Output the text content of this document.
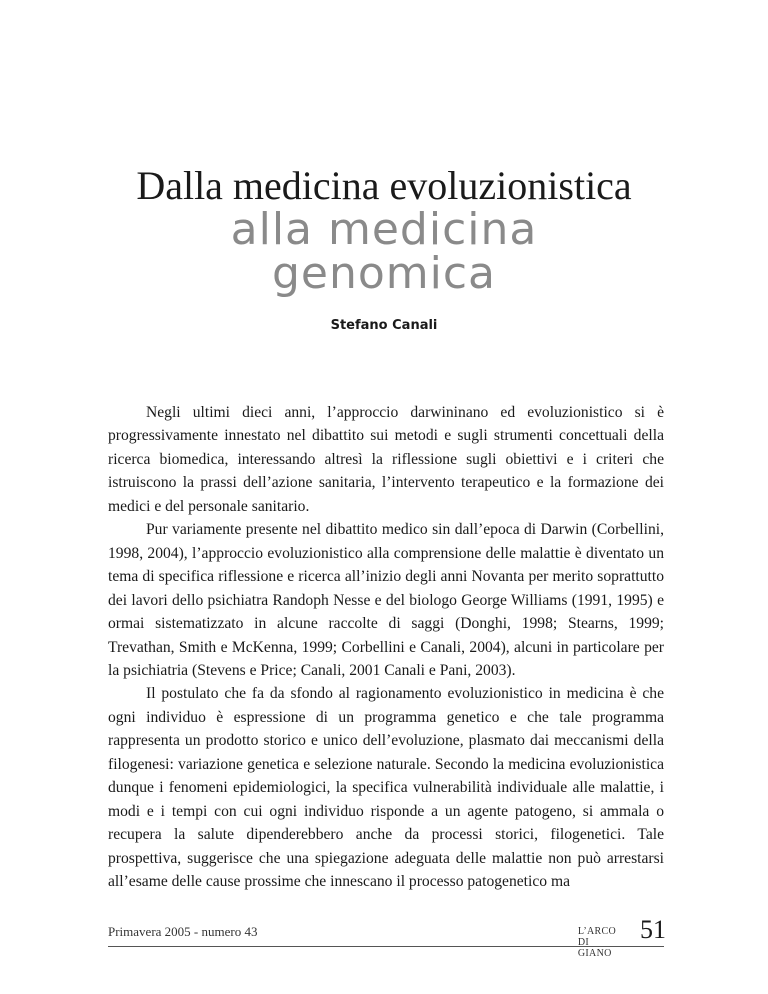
Dalla medicina evoluzionistica
alla medicina
genomica
Stefano Canali

Negli ultimi dieci anni, l’approccio darwininano ed evoluzionistico si è progressivamente innestato nel dibattito sui metodi e sugli strumenti concettuali della ricerca biomedica, interessando altresì la riflessione sugli obiettivi e i criteri che istruiscono la prassi dell’azione sanitaria, l’intervento terapeutico e la formazione dei medici e del personale sanitario.

Pur variamente presente nel dibattito medico sin dall’epoca di Darwin (Corbellini, 1998, 2004), l’approccio evoluzionistico alla comprensione delle malattie è diventato un tema di specifica riflessione e ricerca all’inizio degli anni Novanta per merito soprattutto dei lavori dello psichiatra Randoph Nesse e del biologo George Williams (1991, 1995) e ormai sistematizzato in alcune raccolte di saggi (Donghi, 1998; Stearns, 1999; Trevathan, Smith e McKenna, 1999; Corbellini e Canali, 2004), alcuni in particolare per la psichiatria (Stevens e Price; Canali, 2001 Canali e Pani, 2003).

Il postulato che fa da sfondo al ragionamento evoluzionistico in medicina è che ogni individuo è espressione di un programma genetico e che tale programma rappresenta un prodotto storico e unico dell’evoluzione, plasmato dai meccanismi della filogenesi: variazione genetica e selezione naturale. Secondo la medicina evoluzionistica dunque i fenomeni epidemiologici, la specifica vulnerabilità individuale alle malattie, i modi e i tempi con cui ogni individuo risponde a un agente patogeno, si ammala o recupera la salute dipenderebbero anche da processi storici, filogenetici. Tale prospettiva, suggerisce che una spiegazione adeguata delle malattie non può arrestarsi all’esame delle cause prossime che innescano il processo patogenetico ma

Primavera 2005 - numero 43	L’ARCO DI GIANO
51
